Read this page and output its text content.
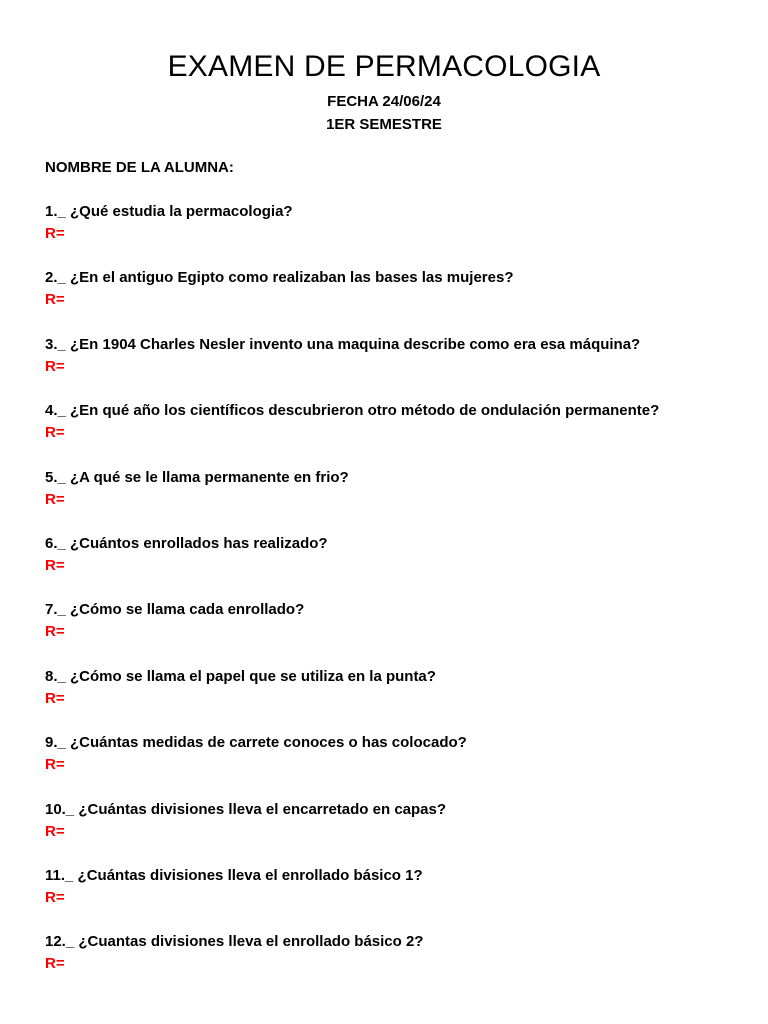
EXAMEN DE PERMACOLOGIA
FECHA 24/06/24
1ER SEMESTRE
NOMBRE DE LA ALUMNA:
1._ ¿Qué estudia la permacologia?
R=
2._ ¿En el antiguo Egipto como realizaban las bases las mujeres?
R=
3._ ¿En 1904 Charles Nesler invento una maquina describe como era esa máquina?
R=
4._ ¿En qué año los científicos descubrieron otro método de ondulación permanente?
R=
5._ ¿A qué se le llama permanente en frio?
R=
6._ ¿Cuántos enrollados has realizado?
R=
7._ ¿Cómo se llama cada enrollado?
R=
8._ ¿Cómo se llama el papel que se utiliza en la punta?
R=
9._ ¿Cuántas medidas de carrete conoces o has colocado?
R=
10._ ¿Cuántas divisiones lleva el encarretado en capas?
R=
11._ ¿Cuántas divisiones lleva el enrollado básico 1?
R=
12._ ¿Cuantas divisiones lleva el enrollado básico 2?
R=
